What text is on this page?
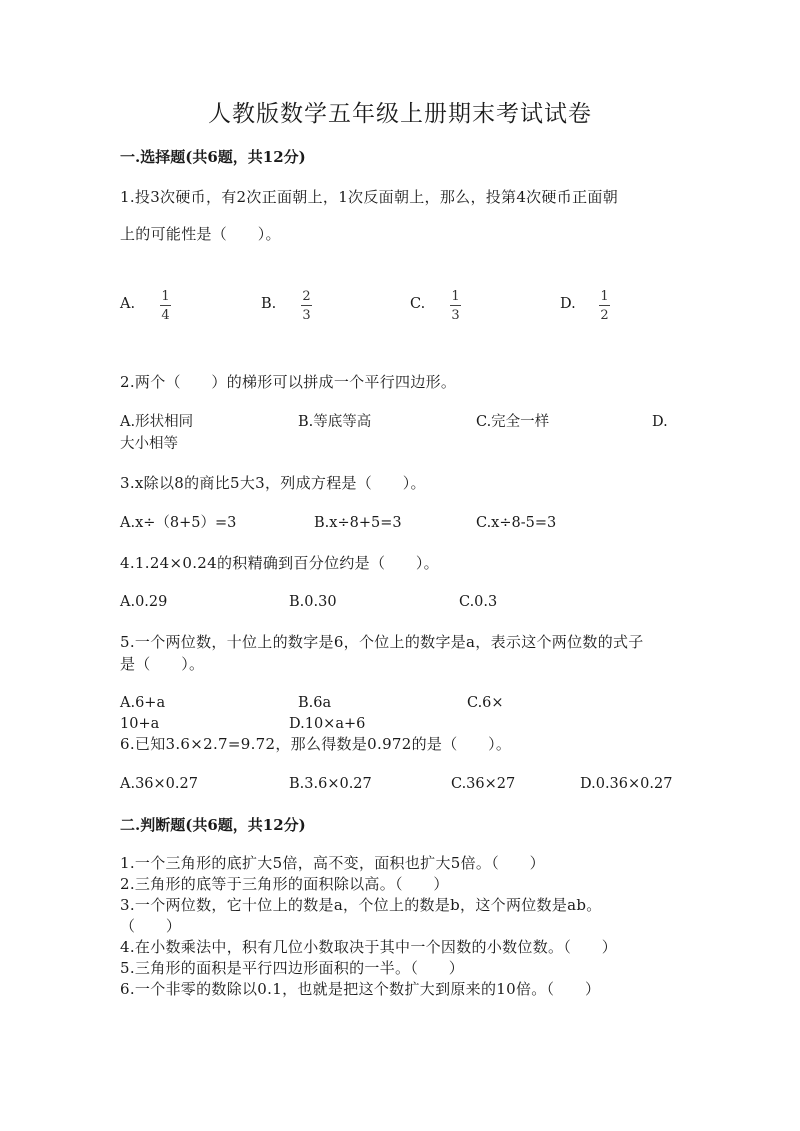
人教版数学五年级上册期末考试试卷
一.选择题(共6题，共12分)
1.投3次硬币，有2次正面朝上，1次反面朝上，那么，投第4次硬币正面朝
上的可能性是（　　）。
A. 1
4
B. 2
3
C. 1
3
D. 1
2
2.两个（　　）的梯形可以拼成一个平行四边形。
A.形状相同	B.等底等高	C.完全一样	D.
大小相等
3.x除以8的商比5大3，列成方程是（　　）。
A.x÷（8+5）=3	B.x÷8+5=3	C.x÷8-5=3
4.1.24×0.24的积精确到百分位约是（　　）。
A.0.29	B.0.30	C.0.3
5.一个两位数，十位上的数字是6，个位上的数字是a，表示这个两位数的式子
是（　　）。
A.6+a	B.6a	C.6×
10+a	D.10×a+6
6.已知3.6×2.7=9.72，那么得数是0.972的是（　　）。
A.36×0.27	B.3.6×0.27	C.36×27	D.0.36×0.27
二.判断题(共6题，共12分)
1.一个三角形的底扩大5倍，高不变，面积也扩大5倍。（　　）
2.三角形的底等于三角形的面积除以高。（　　）
3.一个两位数，它十位上的数是a，个位上的数是b，这个两位数是ab。
（　　）
4.在小数乘法中，积有几位小数取决于其中一个因数的小数位数。（　　）
5.三角形的面积是平行四边形面积的一半。（　　）
6.一个非零的数除以0.1，也就是把这个数扩大到原来的10倍。（　　）
